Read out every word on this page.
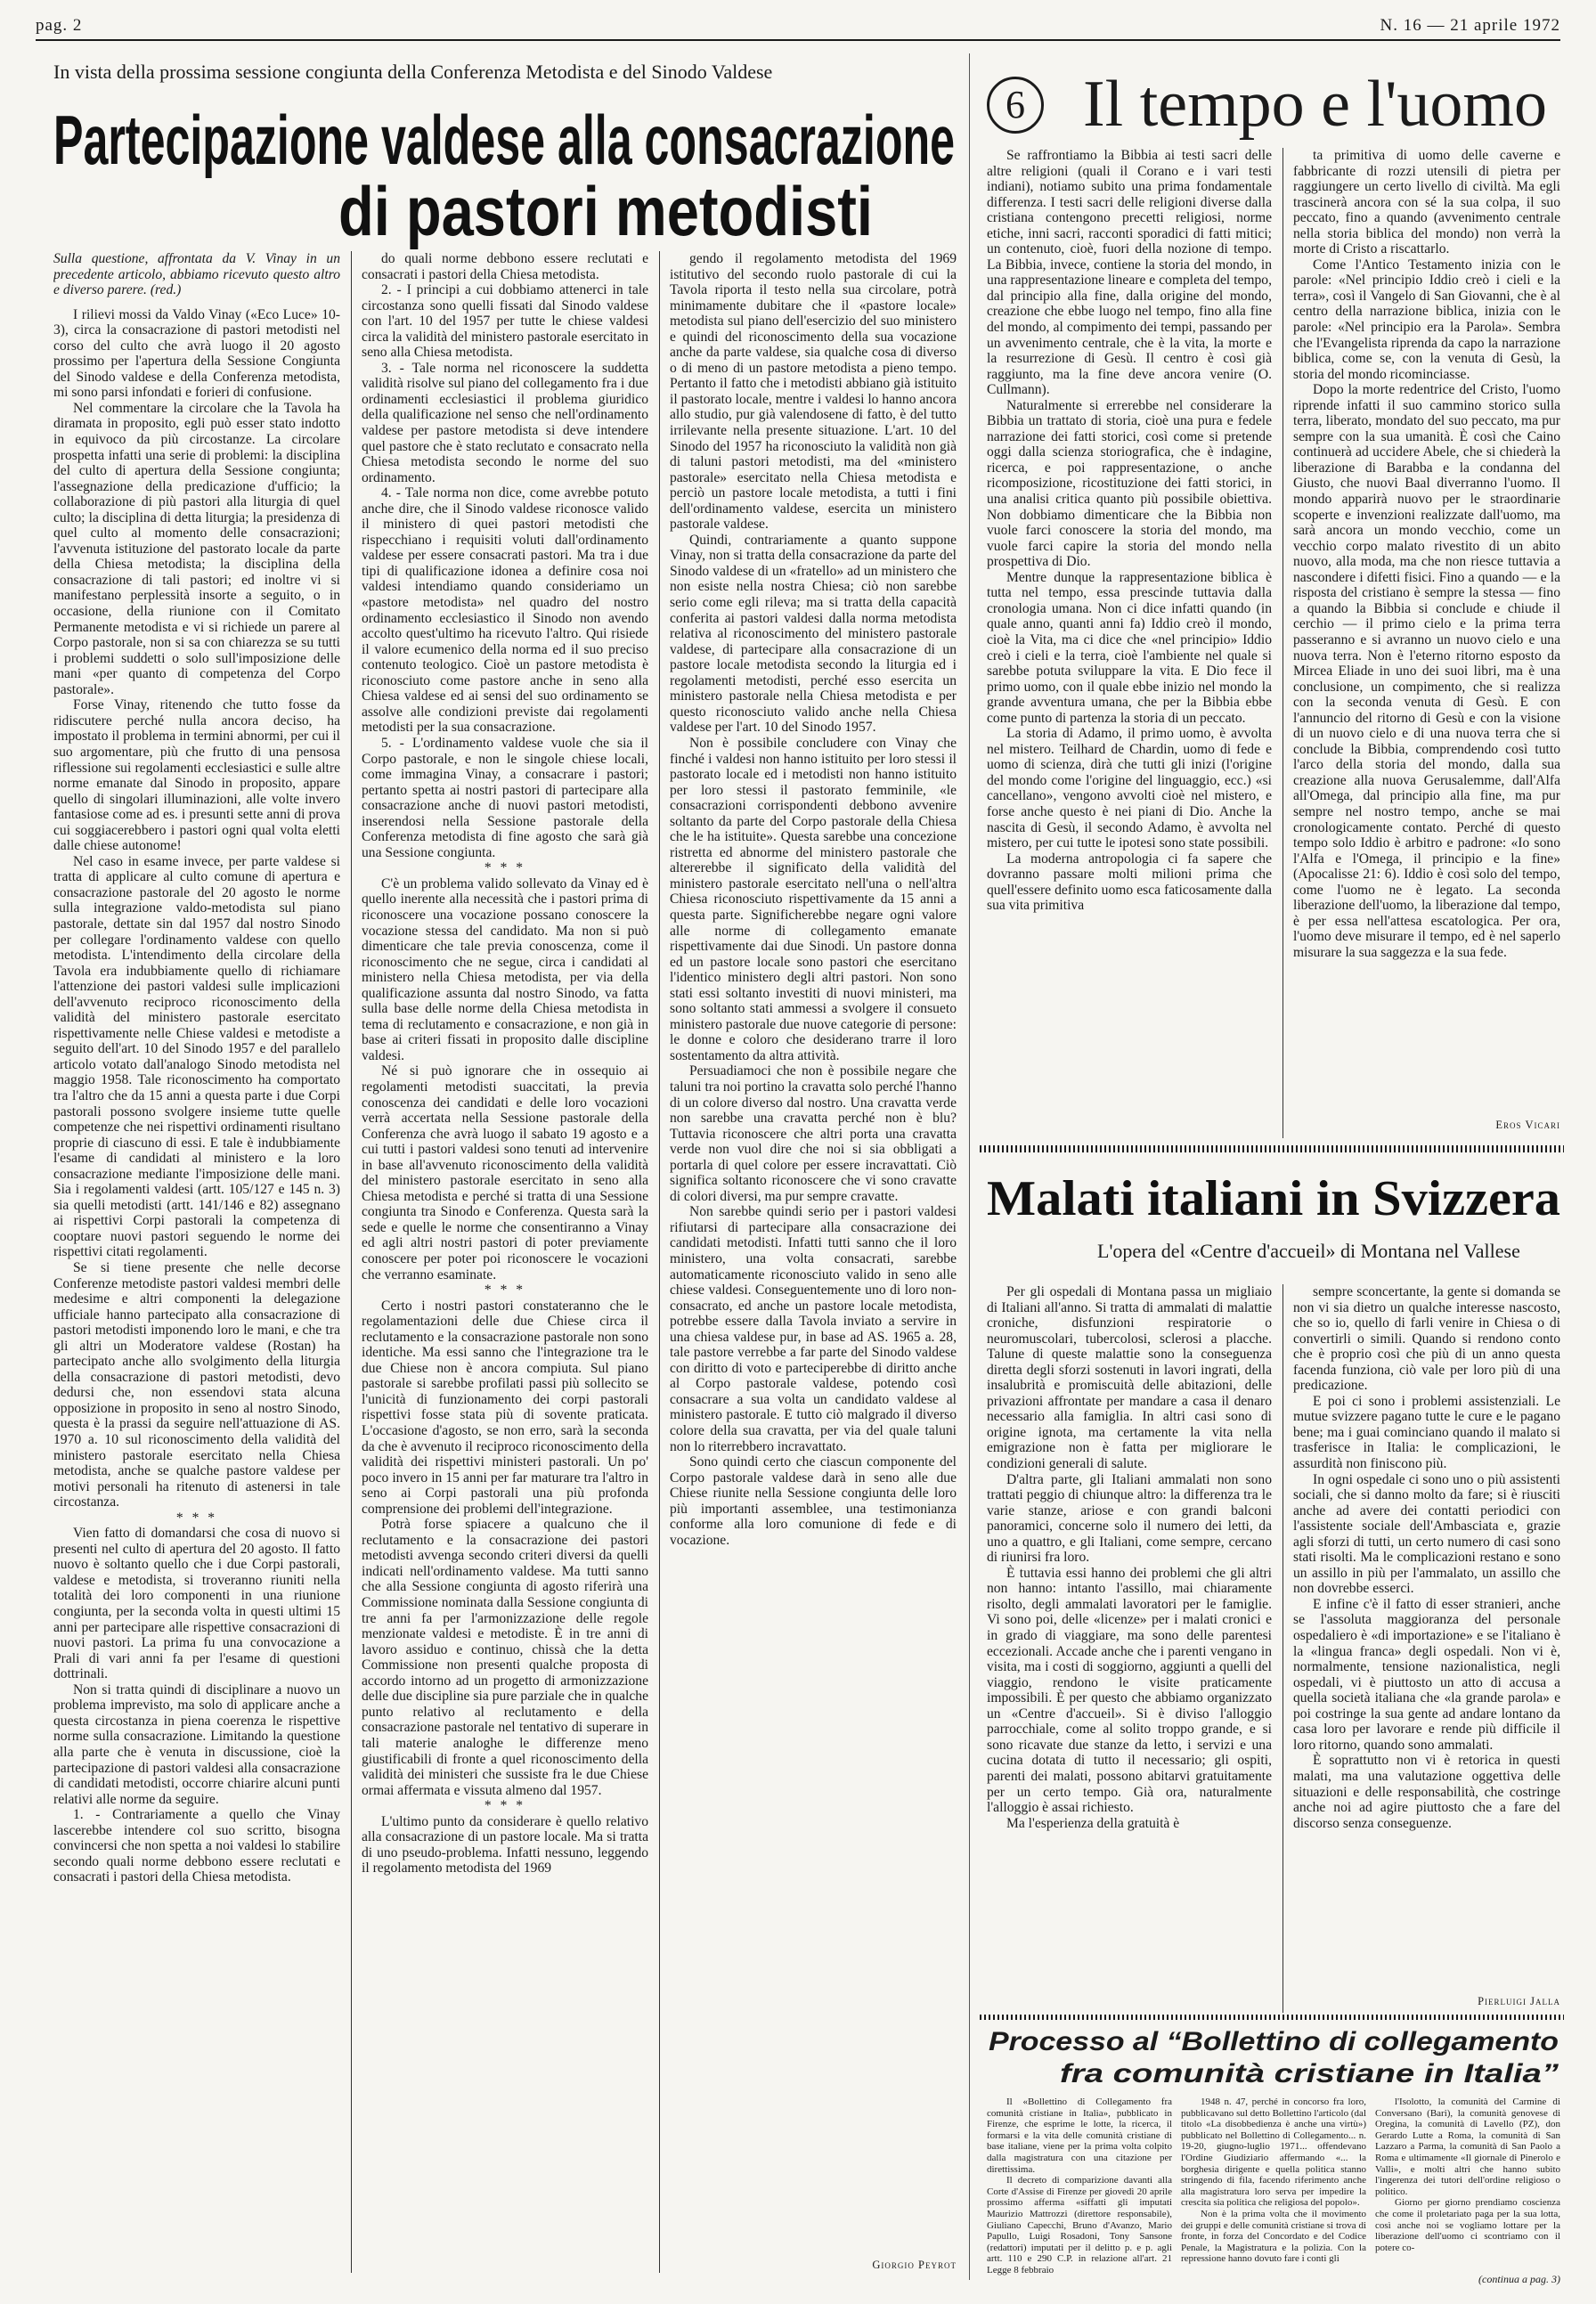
pag. 2	N. 16 — 21 aprile 1972
In vista della prossima sessione congiunta della Conferenza Metodista e del Sinodo Valdese
Partecipazione valdese alla consacrazione
di pastori metodisti

Sulla questione, affrontata da V. Vinay in un precedente articolo, abbiamo ricevuto questo altro e diverso parere. (red.)

I rilievi mossi da Valdo Vinay («Eco Luce» 10-3), circa la consacrazione di pastori metodisti nel corso del culto che avrà luogo il 20 agosto prossimo per l'apertura della Sessione Congiunta del Sinodo valdese e della Conferenza metodista, mi sono parsi infondati e forieri di confusione.

Nel commentare la circolare che la Tavola ha diramata in proposito, egli può esser stato indotto in equivoco da più circostanze. La circolare prospetta infatti una serie di problemi: la disciplina del culto di apertura della Sessione congiunta; l'assegnazione della predicazione d'ufficio; la collaborazione di più pastori alla liturgia di quel culto; la disciplina di detta liturgia; la presidenza di quel culto al momento delle consacrazioni; l'avvenuta istituzione del pastorato locale da parte della Chiesa metodista; la disciplina della consacrazione di tali pastori; ed inoltre vi si manifestano perplessità insorte a seguito, o in occasione, della riunione con il Comitato Permanente metodista e vi si richiede un parere al Corpo pastorale, non si sa con chiarezza se su tutti i problemi suddetti o solo sull'imposizione delle mani «per quanto di competenza del Corpo pastorale».

Forse Vinay, ritenendo che tutto fosse da ridiscutere perché nulla ancora deciso, ha impostato il problema in termini abnormi, per cui il suo argomentare, più che frutto di una pensosa riflessione sui regolamenti ecclesiastici e sulle altre norme emanate dal Sinodo in proposito, appare quello di singolari illuminazioni, alle volte invero fantasiose come ad es. i presunti sette anni di prova cui soggiacerebbero i pastori ogni qual volta eletti dalle chiese autonome!

Nel caso in esame invece, per parte valdese si tratta di applicare al culto comune di apertura e consacrazione pastorale del 20 agosto le norme sulla integrazione valdo-metodista sul piano pastorale, dettate sin dal 1957 dal nostro Sinodo per collegare l'ordinamento valdese con quello metodista. L'intendimento della circolare della Tavola era indubbiamente quello di richiamare l'attenzione dei pastori valdesi sulle implicazioni dell'avvenuto reciproco riconoscimento della validità del ministero pastorale esercitato rispettivamente nelle Chiese valdesi e metodiste a seguito dell'art. 10 del Sinodo 1957 e del parallelo articolo votato dall'analogo Sinodo metodista nel maggio 1958. Tale riconoscimento ha comportato tra l'altro che da 15 anni a questa parte i due Corpi pastorali possono svolgere insieme tutte quelle competenze che nei rispettivi ordinamenti risultano proprie di ciascuno di essi. E tale è indubbiamente l'esame di candidati al ministero e la loro consacrazione mediante l'imposizione delle mani. Sia i regolamenti valdesi (artt. 105/127 e 145 n. 3) sia quelli metodisti (artt. 141/146 e 82) assegnano ai rispettivi Corpi pastorali la competenza di cooptare nuovi pastori seguendo le norme dei rispettivi citati regolamenti.

Se si tiene presente che nelle decorse Conferenze metodiste pastori valdesi membri delle medesime e altri componenti la delegazione ufficiale hanno partecipato alla consacrazione di pastori metodisti imponendo loro le mani, e che tra gli altri un Moderatore valdese (Rostan) ha partecipato anche allo svolgimento della liturgia della consacrazione di pastori metodisti, devo dedursi che, non essendovi stata alcuna opposizione in proposito in seno al nostro Sinodo, questa è la prassi da seguire nell'attuazione di AS. 1970 a. 10 sul riconoscimento della validità del ministero pastorale esercitato nella Chiesa metodista, anche se qualche pastore valdese per motivi personali ha ritenuto di astenersi in tale circostanza.

* * *

Vien fatto di domandarsi che cosa di nuovo si presenti nel culto di apertura del 20 agosto. Il fatto nuovo è soltanto quello che i due Corpi pastorali, valdese e metodista, si troveranno riuniti nella totalità dei loro componenti in una riunione congiunta, per la seconda volta in questi ultimi 15 anni per partecipare alle rispettive consacrazioni di nuovi pastori. La prima fu una convocazione a Prali di vari anni fa per l'esame di questioni dottrinali.

Non si tratta quindi di disciplinare a nuovo un problema imprevisto, ma solo di applicare anche a questa circostanza in piena coerenza le rispettive norme sulla consacrazione. Limitando la questione alla parte che è venuta in discussione, cioè la partecipazione di pastori valdesi alla consacrazione di candidati metodisti, occorre chiarire alcuni punti relativi alle norme da seguire.

1. - Contrariamente a quello che Vinay lascerebbe intendere col suo scritto, bisogna convincersi che non spetta a noi valdesi lo stabilire secondo quali norme debbono essere reclutati e consacrati i pastori della Chiesa metodista.

do quali norme debbono essere reclutati e consacrati i pastori della Chiesa metodista.

2. - I principi a cui dobbiamo attenerci in tale circostanza sono quelli fissati dal Sinodo valdese con l'art. 10 del 1957 per tutte le chiese valdesi circa la validità del ministero pastorale esercitato in seno alla Chiesa metodista.

3. - Tale norma nel riconoscere la suddetta validità risolve sul piano del collegamento fra i due ordinamenti ecclesiastici il problema giuridico della qualificazione nel senso che nell'ordinamento valdese per pastore metodista si deve intendere quel pastore che è stato reclutato e consacrato nella Chiesa metodista secondo le norme del suo ordinamento.

4. - Tale norma non dice, come avrebbe potuto anche dire, che il Sinodo valdese riconosce valido il ministero di quei pastori metodisti che rispecchiano i requisiti voluti dall'ordinamento valdese per essere consacrati pastori. Ma tra i due tipi di qualificazione idonea a definire cosa noi valdesi intendiamo quando consideriamo un «pastore metodista» nel quadro del nostro ordinamento ecclesiastico il Sinodo non avendo accolto quest'ultimo ha ricevuto l'altro. Qui risiede il valore ecumenico della norma ed il suo preciso contenuto teologico. Cioè un pastore metodista è riconosciuto come pastore anche in seno alla Chiesa valdese ed ai sensi del suo ordinamento se assolve alle condizioni previste dai regolamenti metodisti per la sua consacrazione.

5. - L'ordinamento valdese vuole che sia il Corpo pastorale, e non le singole chiese locali, come immagina Vinay, a consacrare i pastori; pertanto spetta ai nostri pastori di partecipare alla consacrazione anche di nuovi pastori metodisti, inserendosi nella Sessione pastorale della Conferenza metodista di fine agosto che sarà già una Sessione congiunta.

* * *

C'è un problema valido sollevato da Vinay ed è quello inerente alla necessità che i pastori prima di riconoscere una vocazione possano conoscere la vocazione stessa del candidato. Ma non si può dimenticare che tale previa conoscenza, come il riconoscimento che ne segue, circa i candidati al ministero nella Chiesa metodista, per via della qualificazione assunta dal nostro Sinodo, va fatta sulla base delle norme della Chiesa metodista in tema di reclutamento e consacrazione, e non già in base ai criteri fissati in proposito dalle discipline valdesi.

Né si può ignorare che in ossequio ai regolamenti metodisti suaccitati, la previa conoscenza dei candidati e delle loro vocazioni verrà accertata nella Sessione pastorale della Conferenza che avrà luogo il sabato 19 agosto e a cui tutti i pastori valdesi sono tenuti ad intervenire in base all'avvenuto riconoscimento della validità del ministero pastorale esercitato in seno alla Chiesa metodista e perché si tratta di una Sessione congiunta tra Sinodo e Conferenza. Questa sarà la sede e quelle le norme che consentiranno a Vinay ed agli altri nostri pastori di poter previamente conoscere per poter poi riconoscere le vocazioni che verranno esaminate.

* * *

Certo i nostri pastori constateranno che le regolamentazioni delle due Chiese circa il reclutamento e la consacrazione pastorale non sono identiche. Ma essi sanno che l'integrazione tra le due Chiese non è ancora compiuta. Sul piano pastorale si sarebbe profilati passi più sollecito se l'unicità di funzionamento dei corpi pastorali rispettivi fosse stata più di sovente praticata. L'occasione d'agosto, se non erro, sarà la seconda da che è avvenuto il reciproco riconoscimento della validità dei rispettivi ministeri pastorali. Un po' poco invero in 15 anni per far maturare tra l'altro in seno ai Corpi pastorali una più profonda comprensione dei problemi dell'integrazione.

Potrà forse spiacere a qualcuno che il reclutamento e la consacrazione dei pastori metodisti avvenga secondo criteri diversi da quelli indicati nell'ordinamento valdese. Ma tutti sanno che alla Sessione congiunta di agosto riferirà una Commissione nominata dalla Sessione congiunta di tre anni fa per l'armonizzazione delle regole menzionate valdesi e metodiste. È in tre anni di lavoro assiduo e continuo, chissà che la detta Commissione non presenti qualche proposta di accordo intorno ad un progetto di armonizzazione delle due discipline sia pure parziale che in qualche punto relativo al reclutamento e della consacrazione pastorale nel tentativo di superare in tali materie analoghe le differenze meno giustificabili di fronte a quel riconoscimento della validità dei ministeri che sussiste fra le due Chiese ormai affermata e vissuta almeno dal 1957.

* * *

L'ultimo punto da considerare è quello relativo alla consacrazione di un pastore locale. Ma si tratta di uno pseudo-problema. Infatti nessuno, leggendo il regolamento metodista del 1969

gendo il regolamento metodista del 1969 istitutivo del secondo ruolo pastorale di cui la Tavola riporta il testo nella sua circolare, potrà minimamente dubitare che il «pastore locale» metodista sul piano dell'esercizio del suo ministero e quindi del riconoscimento della sua vocazione anche da parte valdese, sia qualche cosa di diverso o di meno di un pastore metodista a pieno tempo. Pertanto il fatto che i metodisti abbiano già istituito il pastorato locale, mentre i valdesi lo hanno ancora allo studio, pur già valendosene di fatto, è del tutto irrilevante nella presente situazione. L'art. 10 del Sinodo del 1957 ha riconosciuto la validità non già di taluni pastori metodisti, ma del «ministero pastorale» esercitato nella Chiesa metodista e perciò un pastore locale metodista, a tutti i fini dell'ordinamento valdese, esercita un ministero pastorale valdese.

Quindi, contrariamente a quanto suppone Vinay, non si tratta della consacrazione da parte del Sinodo valdese di un «fratello» ad un ministero che non esiste nella nostra Chiesa; ciò non sarebbe serio come egli rileva; ma si tratta della capacità conferita ai pastori valdesi dalla norma metodista relativa al riconoscimento del ministero pastorale valdese, di partecipare alla consacrazione di un pastore locale metodista secondo la liturgia ed i regolamenti metodisti, perché esso esercita un ministero pastorale nella Chiesa metodista e per questo riconosciuto valido anche nella Chiesa valdese per l'art. 10 del Sinodo 1957.

Non è possibile concludere con Vinay che finché i valdesi non hanno istituito per loro stessi il pastorato locale ed i metodisti non hanno istituito per loro stessi il pastorato femminile, «le consacrazioni corrispondenti debbono avvenire soltanto da parte del Corpo pastorale della Chiesa che le ha istituite». Questa sarebbe una concezione ristretta ed abnorme del ministero pastorale che altererebbe il significato della validità del ministero pastorale esercitato nell'una o nell'altra Chiesa riconosciuto rispettivamente da 15 anni a questa parte. Significherebbe negare ogni valore alle norme di collegamento emanate rispettivamente dai due Sinodi. Un pastore donna ed un pastore locale sono pastori che esercitano l'identico ministero degli altri pastori. Non sono stati essi soltanto investiti di nuovi ministeri, ma sono soltanto stati ammessi a svolgere il consueto ministero pastorale due nuove categorie di persone: le donne e coloro che desiderano trarre il loro sostentamento da altra attività.

Persuadiamoci che non è possibile negare che taluni tra noi portino la cravatta solo perché l'hanno di un colore diverso dal nostro. Una cravatta verde non sarebbe una cravatta perché non è blu? Tuttavia riconoscere che altri porta una cravatta verde non vuol dire che noi si sia obbligati a portarla di quel colore per essere incravattati. Ciò significa soltanto riconoscere che vi sono cravatte di colori diversi, ma pur sempre cravatte.

Non sarebbe quindi serio per i pastori valdesi rifiutarsi di partecipare alla consacrazione dei candidati metodisti. Infatti tutti sanno che il loro ministero, una volta consacrati, sarebbe automaticamente riconosciuto valido in seno alle chiese valdesi. Conseguentemente uno di loro non-consacrato, ed anche un pastore locale metodista, potrebbe essere dalla Tavola inviato a servire in una chiesa valdese pur, in base ad AS. 1965 a. 28, tale pastore verrebbe a far parte del Sinodo valdese con diritto di voto e parteciperebbe di diritto anche al Corpo pastorale valdese, potendo così consacrare a sua volta un candidato valdese al ministero pastorale. E tutto ciò malgrado il diverso colore della sua cravatta, per via del quale taluni non lo riterrebbero incravattato.

Sono quindi certo che ciascun componente del Corpo pastorale valdese darà in seno alle due Chiese riunite nella Sessione congiunta delle loro più importanti assemblee, una testimonianza conforme alla loro comunione di fede e di vocazione.

Giorgio Peyrot
6 Il tempo e l'uomo

Se raffrontiamo la Bibbia ai testi sacri delle altre religioni (quali il Corano e i vari testi indiani), notiamo subito una prima fondamentale differenza. I testi sacri delle religioni diverse dalla cristiana contengono precetti religiosi, norme etiche, inni sacri, racconti sporadici di fatti mitici; un contenuto, cioè, fuori della nozione di tempo. La Bibbia, invece, contiene la storia del mondo, in una rappresentazione lineare e completa del tempo, dal principio alla fine, dalla origine del mondo, creazione che ebbe luogo nel tempo, fino alla fine del mondo, al compimento dei tempi, passando per un avvenimento centrale, che è la vita, la morte e la resurrezione di Gesù. Il centro è così già raggiunto, ma la fine deve ancora venire (O. Cullmann).

Naturalmente si errerebbe nel considerare la Bibbia un trattato di storia, cioè una pura e fedele narrazione dei fatti storici, così come si pretende oggi dalla scienza storiografica, che è indagine, ricerca, e poi rappresentazione, o anche ricomposizione, ricostituzione dei fatti storici, in una analisi critica quanto più possibile obiettiva. Non dobbiamo dimenticare che la Bibbia non vuole farci conoscere la storia del mondo, ma vuole farci capire la storia del mondo nella prospettiva di Dio.

Mentre dunque la rappresentazione biblica è tutta nel tempo, essa prescinde tuttavia dalla cronologia umana. Non ci dice infatti quando (in quale anno, quanti anni fa) Iddio creò il mondo, cioè la Vita, ma ci dice che «nel principio» Iddio creò i cieli e la terra, cioè l'ambiente nel quale si sarebbe potuta sviluppare la vita. E Dio fece il primo uomo, con il quale ebbe inizio nel mondo la grande avventura umana, che per la Bibbia ebbe come punto di partenza la storia di un peccato.

La storia di Adamo, il primo uomo, è avvolta nel mistero. Teilhard de Chardin, uomo di fede e uomo di scienza, dirà che tutti gli inizi (l'origine del mondo come l'origine del linguaggio, ecc.) «si cancellano», vengono avvolti cioè nel mistero, e forse anche questo è nei piani di Dio. Anche la nascita di Gesù, il secondo Adamo, è avvolta nel mistero, per cui tutte le ipotesi sono state possibili.

La moderna antropologia ci fa sapere che dovranno passare molti milioni prima che quell'essere definito uomo esca faticosamente dalla sua vita primitiva

ta primitiva di uomo delle caverne e fabbricante di rozzi utensili di pietra per raggiungere un certo livello di civiltà. Ma egli trascinerà ancora con sé la sua colpa, il suo peccato, fino a quando (avvenimento centrale nella storia biblica del mondo) non verrà la morte di Cristo a riscattarlo.

Come l'Antico Testamento inizia con le parole: «Nel principio Iddio creò i cieli e la terra», così il Vangelo di San Giovanni, che è al centro della narrazione biblica, inizia con le parole: «Nel principio era la Parola». Sembra che l'Evangelista riprenda da capo la narrazione biblica, come se, con la venuta di Gesù, la storia del mondo ricominciasse.

Dopo la morte redentrice del Cristo, l'uomo riprende infatti il suo cammino storico sulla terra, liberato, mondato del suo peccato, ma pur sempre con la sua umanità. È così che Caino continuerà ad uccidere Abele, che si chiederà la liberazione di Barabba e la condanna del Giusto, che nuovi Baal diverranno l'uomo. Il mondo apparirà nuovo per le straordinarie scoperte e invenzioni realizzate dall'uomo, ma sarà ancora un mondo vecchio, come un vecchio corpo malato rivestito di un abito nuovo, alla moda, ma che non riesce tuttavia a nascondere i difetti fisici. Fino a quando — e la risposta del cristiano è sempre la stessa — fino a quando la Bibbia si conclude e chiude il cerchio — il primo cielo e la prima terra passeranno e si avranno un nuovo cielo e una nuova terra. Non è l'eterno ritorno esposto da Mircea Eliade in uno dei suoi libri, ma è una conclusione, un compimento, che si realizza con la seconda venuta di Gesù. E con l'annuncio del ritorno di Gesù e con la visione di un nuovo cielo e di una nuova terra che si conclude la Bibbia, comprendendo così tutto l'arco della storia del mondo, dalla sua creazione alla nuova Gerusalemme, dall'Alfa all'Omega, dal principio alla fine, ma pur sempre nel nostro tempo, anche se mai cronologicamente contato. Perché di questo tempo solo Iddio è arbitro e padrone: «Io sono l'Alfa e l'Omega, il principio e la fine» (Apocalisse 21: 6). Iddio è così solo del tempo, come l'uomo ne è legato. La seconda liberazione dell'uomo, la liberazione dal tempo, è per essa nell'attesa escatologica. Per ora, l'uomo deve misurare il tempo, ed è nel saperlo misurare la sua saggezza e la sua fede.

Eros Vicari
Malati italiani in Svizzera
L'opera del «Centre d'accueil» di Montana nel Vallese

Per gli ospedali di Montana passa un migliaio di Italiani all'anno. Si tratta di ammalati di malattie croniche, disfunzioni respiratorie o neuromuscolari, tubercolosi, sclerosi a placche. Talune di queste malattie sono la conseguenza diretta degli sforzi sostenuti in lavori ingrati, della insalubrità e promiscuità delle abitazioni, delle privazioni affrontate per mandare a casa il denaro necessario alla famiglia. In altri casi sono di origine ignota, ma certamente la vita nella emigrazione non è fatta per migliorare le condizioni generali di salute.

D'altra parte, gli Italiani ammalati non sono trattati peggio di chiunque altro: la differenza tra le varie stanze, ariose e con grandi balconi panoramici, concerne solo il numero dei letti, da uno a quattro, e gli Italiani, come sempre, cercano di riunirsi fra loro.

È tuttavia essi hanno dei problemi che gli altri non hanno: intanto l'assillo, mai chiaramente risolto, degli ammalati lavoratori per le famiglie. Vi sono poi, delle «licenze» per i malati cronici e in grado di viaggiare, ma sono delle parentesi eccezionali. Accade anche che i parenti vengano in visita, ma i costi di soggiorno, aggiunti a quelli del viaggio, rendono le visite praticamente impossibili. È per questo che abbiamo organizzato un «Centre d'accueil». Si è diviso l'alloggio parrocchiale, come al solito troppo grande, e si sono ricavate due stanze da letto, i servizi e una cucina dotata di tutto il necessario; gli ospiti, parenti dei malati, possono abitarvi gratuitamente per un certo tempo. Già ora, naturalmente l'alloggio è assai richiesto.

Ma l'esperienza della gratuità è

sempre sconcertante, la gente si domanda se non vi sia dietro un qualche interesse nascosto, che so io, quello di farli venire in Chiesa o di convertirli o simili. Quando si rendono conto che è proprio così che più di un anno questa facenda funziona, ciò vale per loro più di una predicazione.

E poi ci sono i problemi assistenziali. Le mutue svizzere pagano tutte le cure e le pagano bene; ma i guai cominciano quando il malato si trasferisce in Italia: le complicazioni, le assurdità non finiscono più.

In ogni ospedale ci sono uno o più assistenti sociali, che si danno molto da fare; si è riusciti anche ad avere dei contatti periodici con l'assistente sociale dell'Ambasciata e, grazie agli sforzi di tutti, un certo numero di casi sono stati risolti. Ma le complicazioni restano e sono un assillo in più per l'ammalato, un assillo che non dovrebbe esserci.

E infine c'è il fatto di esser stranieri, anche se l'assoluta maggioranza del personale ospedaliero è «di importazione» e se l'italiano è la «lingua franca» degli ospedali. Non vi è, normalmente, tensione nazionalistica, negli ospedali, vi è piuttosto un atto di accusa a quella società italiana che «la grande parola» e poi costringe la sua gente ad andare lontano da casa loro per lavorare e rende più difficile il loro ritorno, quando sono ammalati.

È soprattutto non vi è retorica in questi malati, ma una valutazione oggettiva delle situazioni e delle responsabilità, che costringe anche noi ad agire piuttosto che a fare del discorso senza conseguenze.

Pierluigi Jalla
Processo al “Bollettino di collegamento
fra comunità cristiane in Italia”

Il «Bollettino di Collegamento fra comunità cristiane in Italia», pubblicato in Firenze, che esprime le lotte, la ricerca, il formarsi e la vita delle comunità cristiane di base italiane, viene per la prima volta colpito dalla magistratura con una citazione per direttissima.

Il decreto di comparizione davanti alla Corte d'Assise di Firenze per giovedì 20 aprile prossimo afferma «siffatti gli imputati Maurizio Mattrozzi (direttore responsabile), Giuliano Capecchi, Bruno d'Avanzo, Mario Papullo, Luigi Rosadoni, Tony Sansone (redattori) imputati per il delitto p. e p. agli artt. 110 e 290 C.P. in relazione all'art. 21 Legge 8 febbraio

1948 n. 47, perché in concorso fra loro, pubblicavano sul detto Bollettino l'articolo (dal titolo «La disobbedienza è anche una virtù») pubblicato nel Bollettino di Collegamento... n. 19-20, giugno-luglio 1971... offendevano l'Ordine Giudiziario affermando «... la borghesia dirigente e quella politica stanno stringendo di fila, facendo riferimento anche alla magistratura loro serva per impedire la crescita sia politica che religiosa del popolo».

Non è la prima volta che il movimento dei gruppi e delle comunità cristiane si trova di fronte, in forza del Concordato e del Codice Penale, la Magistratura e la polizia. Con la repressione hanno dovuto fare i conti gli

l'Isolotto, la comunità del Carmine di Conversano (Bari), la comunità genovese di Oregina, la comunità di Lavello (PZ), don Gerardo Lutte a Roma, la comunità di San Lazzaro a Parma, la comunità di San Paolo a Roma e ultimamente «Il giornale di Pinerolo e Valli», e molti altri che hanno subìto l'ingerenza dei tutori dell'ordine religioso o politico.

Giorno per giorno prendiamo coscienza che come il proletariato paga per la sua lotta, così anche noi se vogliamo lottare per la liberazione dell'uomo ci scontriamo con il potere co-

(continua a pag. 3)
